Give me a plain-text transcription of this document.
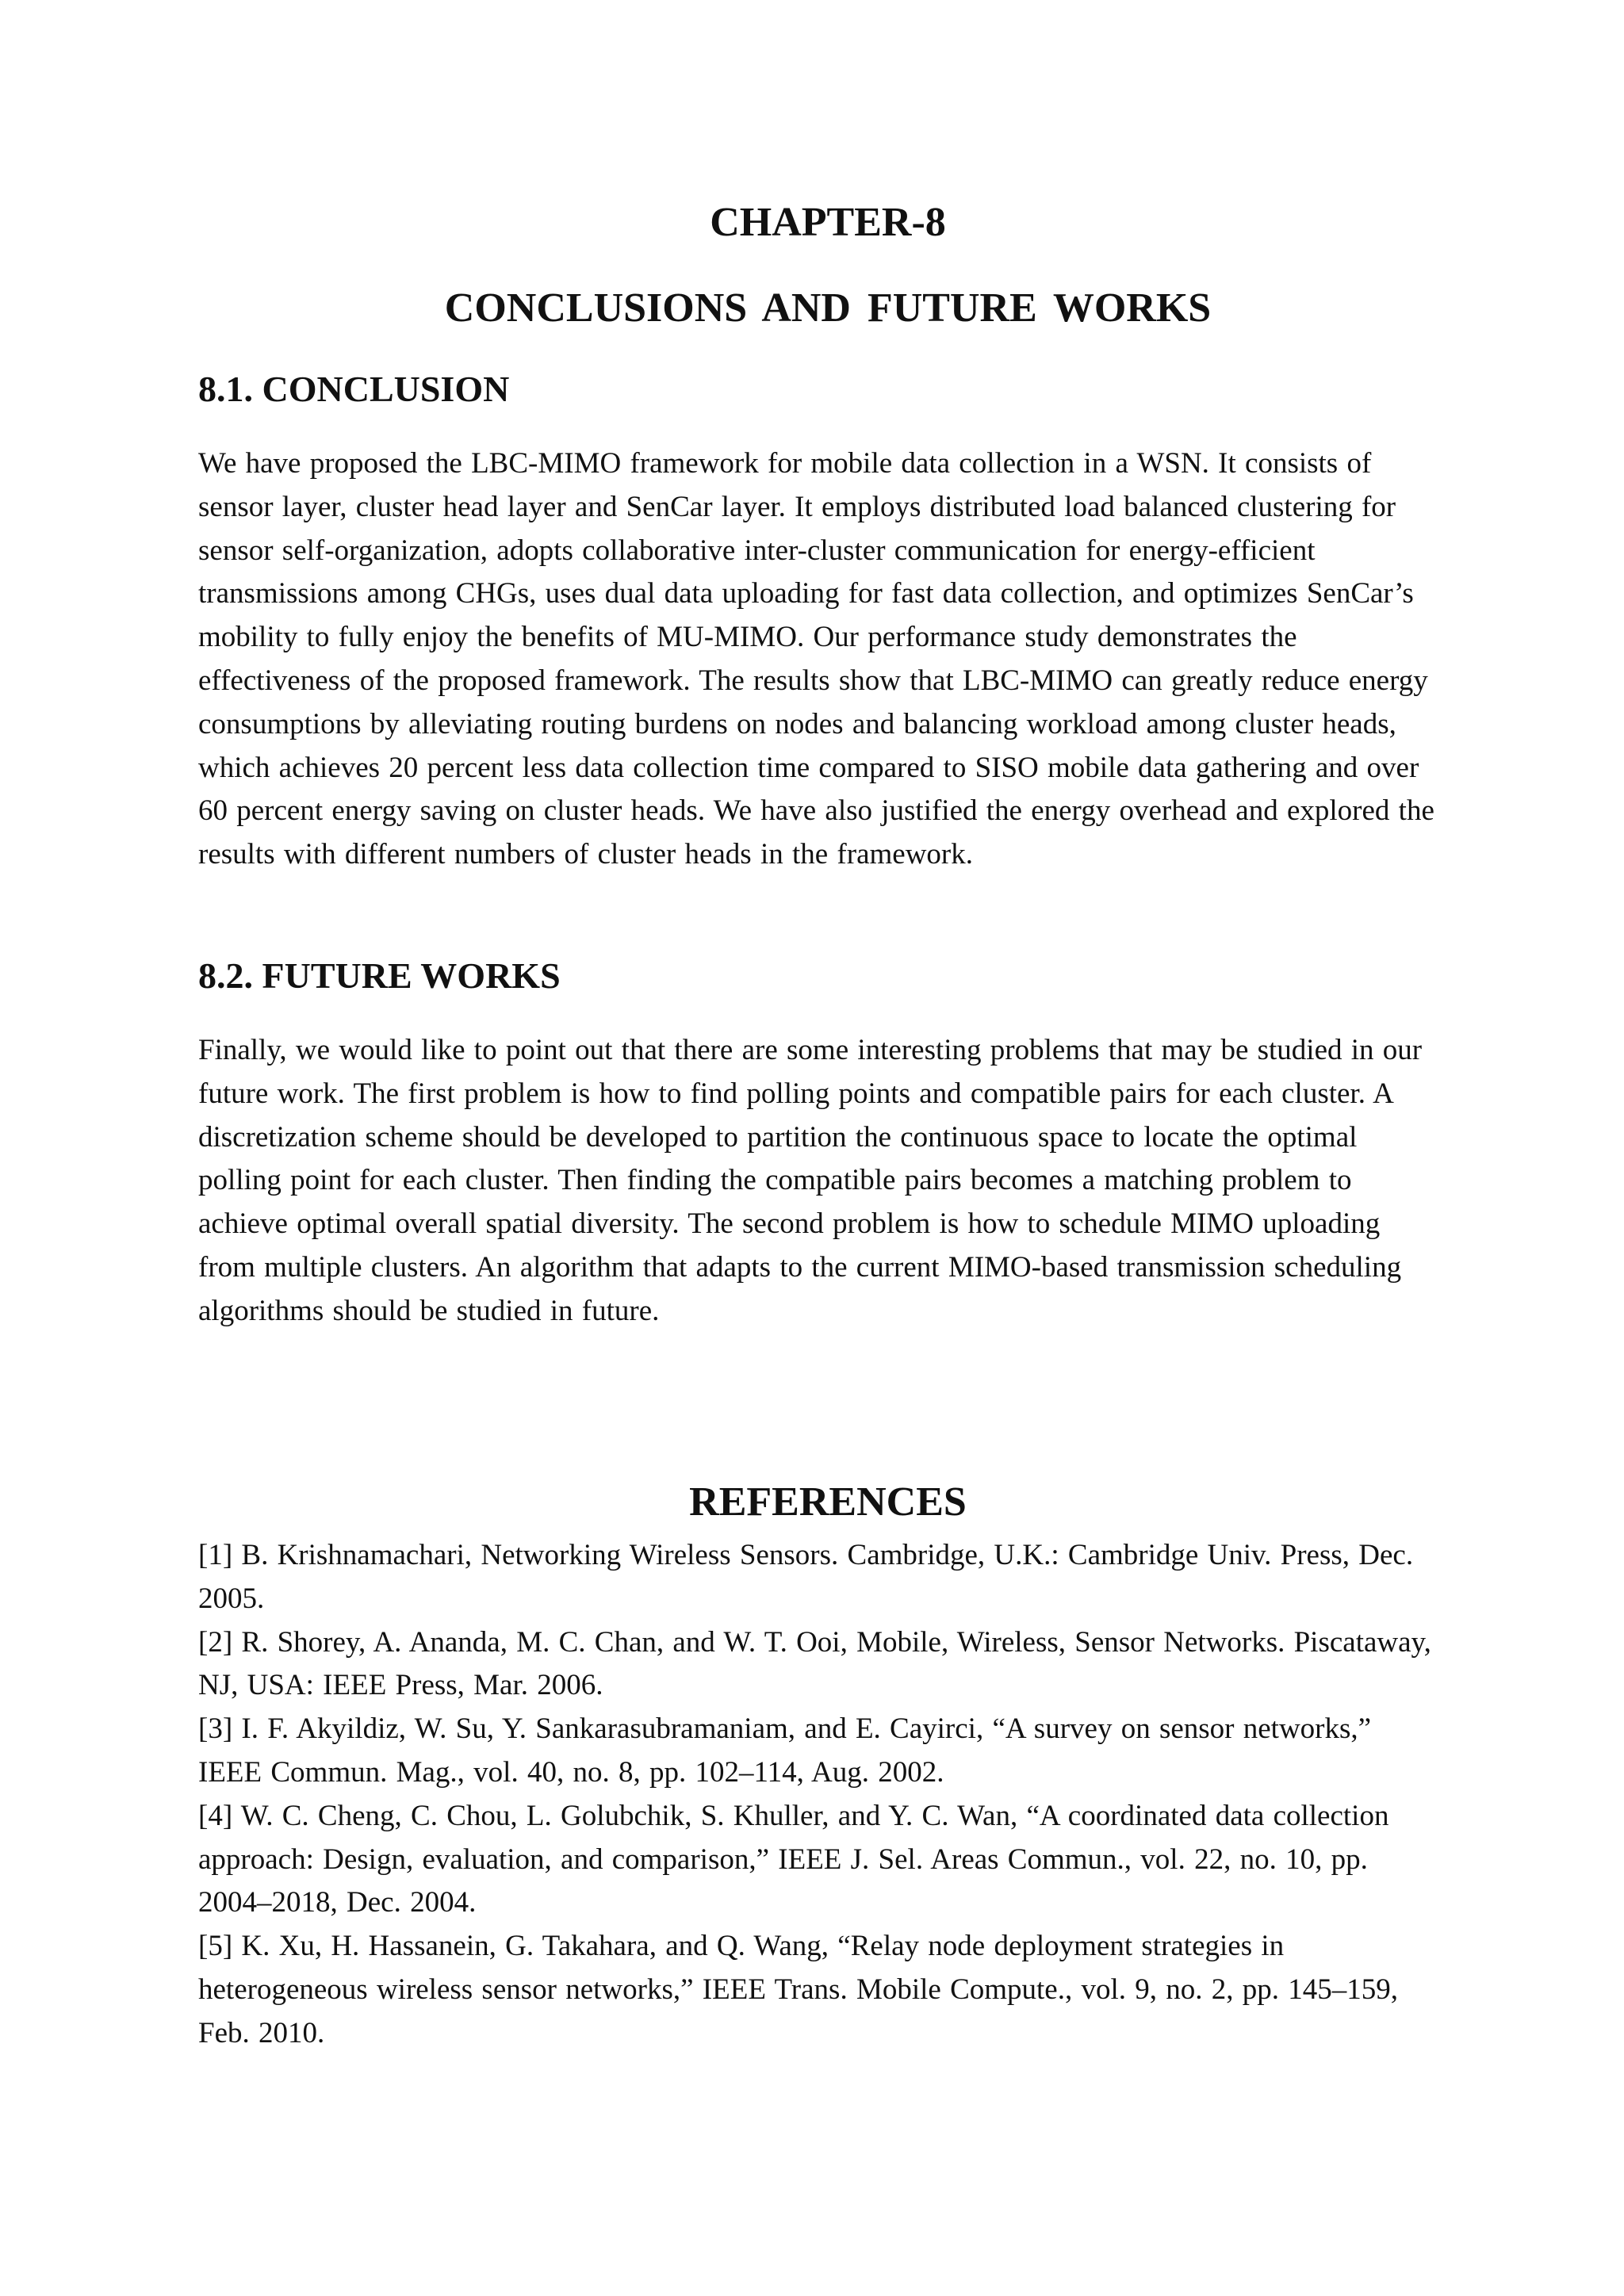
CHAPTER-8
CONCLUSIONS AND FUTURE WORKS
8.1. CONCLUSION

We have proposed the LBC-MIMO framework for mobile data collection in a WSN. It consists of sensor layer, cluster head layer and SenCar layer. It employs distributed load balanced clustering for sensor self-organization, adopts collaborative inter-cluster communication for energy-efficient transmissions among CHGs, uses dual data uploading for fast data collection, and optimizes SenCar’s mobility to fully enjoy the benefits of MU-MIMO. Our performance study demonstrates the effectiveness of the proposed framework. The results show that LBC-MIMO can greatly reduce energy consumptions by alleviating routing burdens on nodes and balancing workload among cluster heads, which achieves 20 percent less data collection time compared to SISO mobile data gathering and over 60 percent energy saving on cluster heads. We have also justified the energy overhead and explored the results with different numbers of cluster heads in the framework.

8.2. FUTURE WORKS

Finally, we would like to point out that there are some interesting problems that may be studied in our future work. The first problem is how to find polling points and compatible pairs for each cluster. A discretization scheme should be developed to partition the continuous space to locate the optimal polling point for each cluster. Then finding the compatible pairs becomes a matching problem to achieve optimal overall spatial diversity. The second problem is how to schedule MIMO uploading from multiple clusters. An algorithm that adapts to the current MIMO-based transmission scheduling algorithms should be studied in future.

REFERENCES
[1] B. Krishnamachari, Networking Wireless Sensors. Cambridge, U.K.: Cambridge Univ. Press, Dec. 2005.
[2] R. Shorey, A. Ananda, M. C. Chan, and W. T. Ooi, Mobile, Wireless, Sensor Networks. Piscataway, NJ, USA: IEEE Press, Mar. 2006.
[3] I. F. Akyildiz, W. Su, Y. Sankarasubramaniam, and E. Cayirci, “A survey on sensor networks,” IEEE Commun. Mag., vol. 40, no. 8, pp. 102–114, Aug. 2002.
[4] W. C. Cheng, C. Chou, L. Golubchik, S. Khuller, and Y. C. Wan, “A coordinated data collection approach: Design, evaluation, and comparison,” IEEE J. Sel. Areas Commun., vol. 22, no. 10, pp. 2004–2018, Dec. 2004.
[5] K. Xu, H. Hassanein, G. Takahara, and Q. Wang, “Relay node deployment strategies in heterogeneous wireless sensor networks,” IEEE Trans. Mobile Compute., vol. 9, no. 2, pp. 145–159, Feb. 2010.
